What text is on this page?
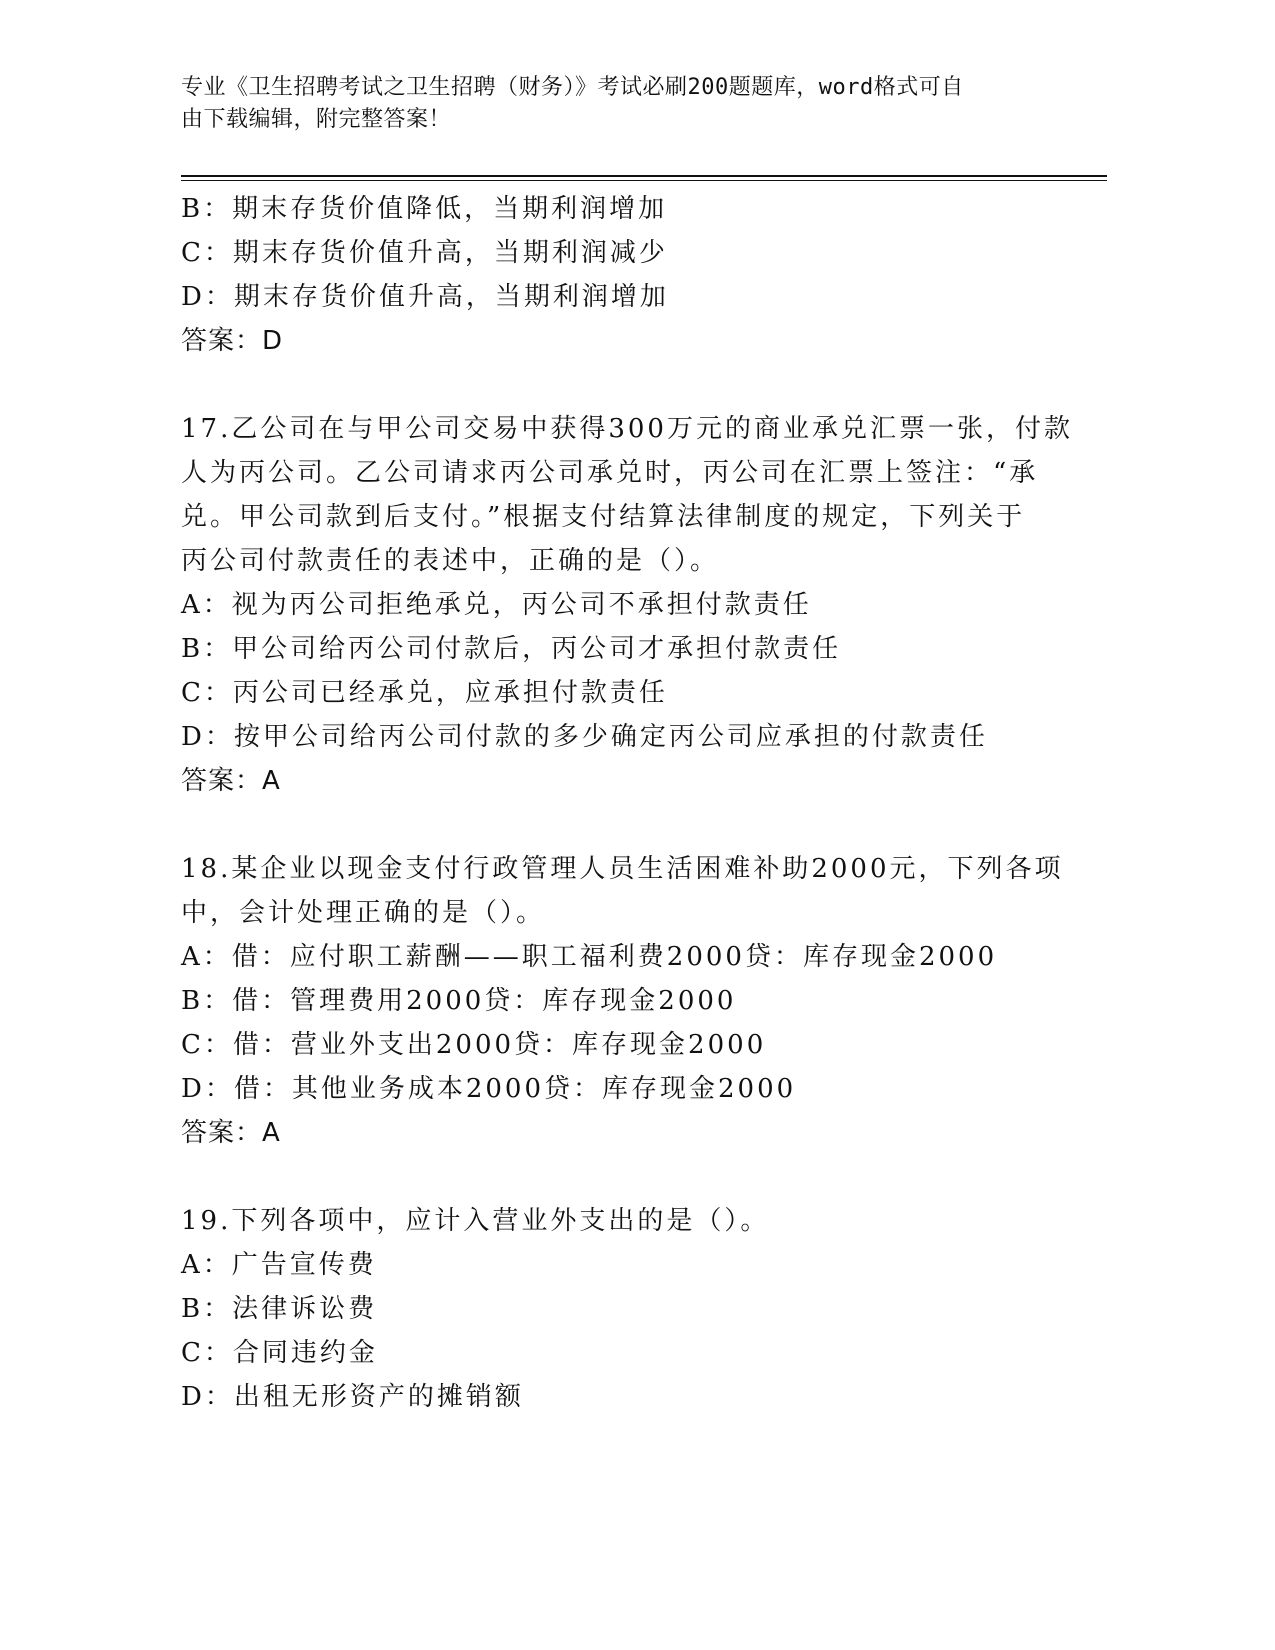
专业《卫生招聘考试之卫生招聘（财务）》考试必刷200题题库，word格式可自
由下载编辑，附完整答案！
B：期末存货价值降低，当期利润增加
C：期末存货价值升高，当期利润减少
D：期末存货价值升高，当期利润增加
答案：D
17.乙公司在与甲公司交易中获得300万元的商业承兑汇票一张，付款
人为丙公司。乙公司请求丙公司承兑时，丙公司在汇票上签注：“承
兑。甲公司款到后支付。”根据支付结算法律制度的规定，下列关于
丙公司付款责任的表述中，正确的是（）。
A：视为丙公司拒绝承兑，丙公司不承担付款责任
B：甲公司给丙公司付款后，丙公司才承担付款责任
C：丙公司已经承兑，应承担付款责任
D：按甲公司给丙公司付款的多少确定丙公司应承担的付款责任
答案：A
18.某企业以现金支付行政管理人员生活困难补助2000元，下列各项
中，会计处理正确的是（）。
A：借：应付职工薪酬——职工福利费2000贷：库存现金2000
B：借：管理费用2000贷：库存现金2000
C：借：营业外支出2000贷：库存现金2000
D：借：其他业务成本2000贷：库存现金2000
答案：A
19.下列各项中，应计入营业外支出的是（）。
A：广告宣传费
B：法律诉讼费
C：合同违约金
D：出租无形资产的摊销额
